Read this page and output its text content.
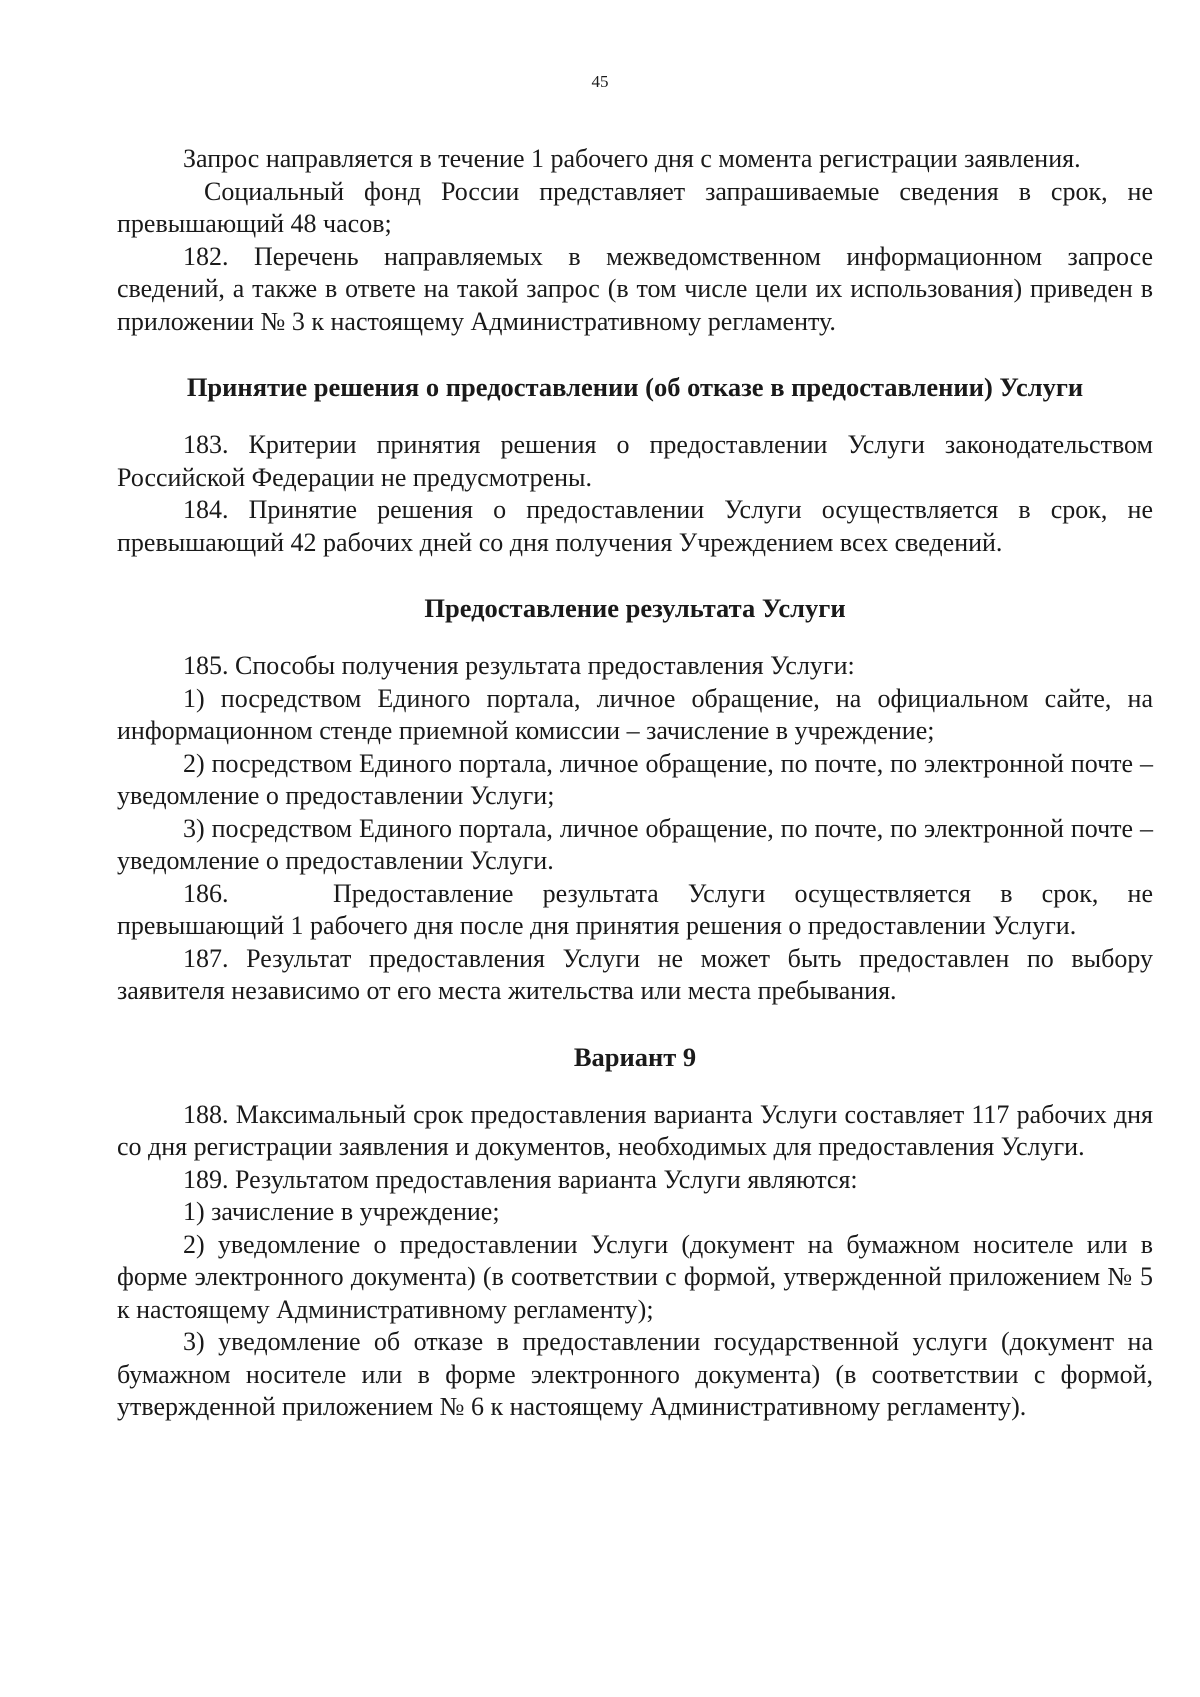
45

Запрос направляется в течение 1 рабочего дня с момента регистрации заявления.

Социальный фонд России представляет запрашиваемые сведения в срок, не превышающий 48 часов;

182. Перечень направляемых в межведомственном информационном запросе сведений, а также в ответе на такой запрос (в том числе цели их использования) приведен в приложении № 3 к настоящему Административному регламенту.

Принятие решения о предоставлении (об отказе в предоставлении) Услуги

183. Критерии принятия решения о предоставлении Услуги законодательством Российской Федерации не предусмотрены.

184. Принятие решения о предоставлении Услуги осуществляется в срок, не превышающий 42 рабочих дней со дня получения Учреждением всех сведений.

Предоставление результата Услуги

185. Способы получения результата предоставления Услуги:

1) посредством Единого портала, личное обращение, на официальном сайте, на информационном стенде приемной комиссии – зачисление в учреждение;

2) посредством Единого портала, личное обращение, по почте, по электронной почте – уведомление о предоставлении Услуги;

3) посредством Единого портала, личное обращение, по почте, по электронной почте – уведомление о предоставлении Услуги.

186.	Предоставление результата Услуги осуществляется в срок, не превышающий 1 рабочего дня после дня принятия решения о предоставлении Услуги.

187. Результат предоставления Услуги не может быть предоставлен по выбору заявителя независимо от его места жительства или места пребывания.

Вариант 9

188. Максимальный срок предоставления варианта Услуги составляет 117 рабочих дня со дня регистрации заявления и документов, необходимых для предоставления Услуги.

189. Результатом предоставления варианта Услуги являются:

1) зачисление в учреждение;

2) уведомление о предоставлении Услуги (документ на бумажном носителе или в форме электронного документа) (в соответствии с формой, утвержденной приложением № 5 к настоящему Административному регламенту);

3) уведомление об отказе в предоставлении государственной услуги (документ на бумажном носителе или в форме электронного документа) (в соответствии с формой, утвержденной приложением № 6 к настоящему Административному регламенту).
